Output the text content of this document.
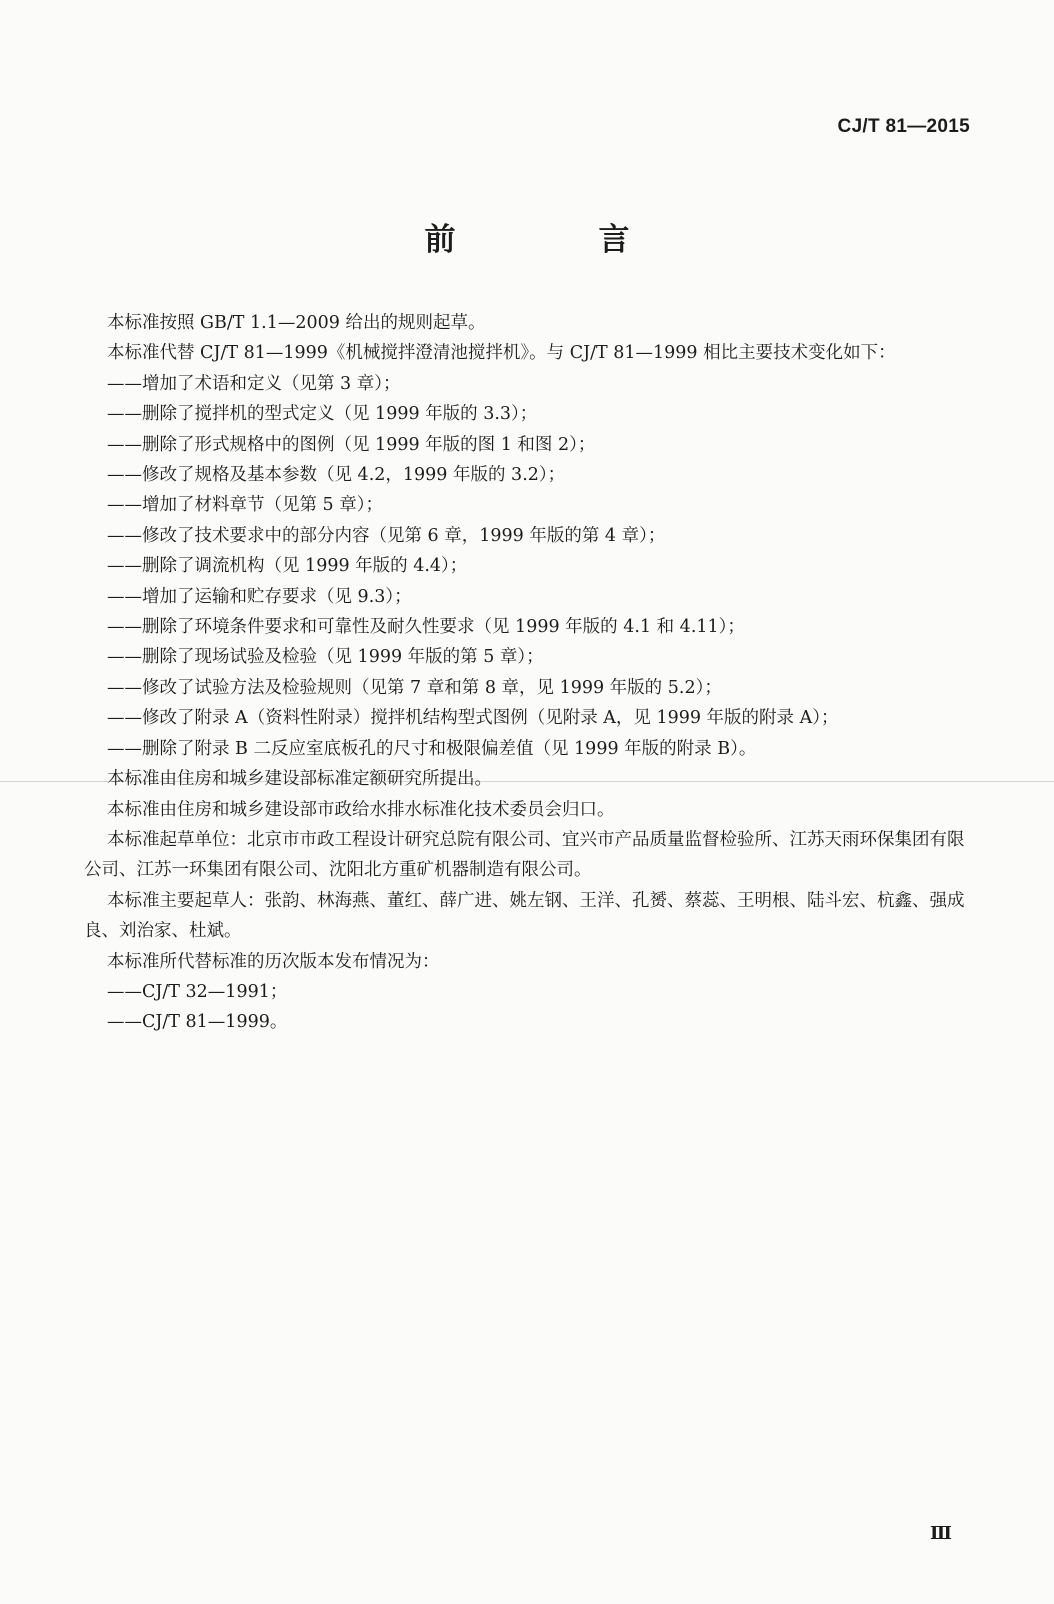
CJ/T 81—2015
前　言

本标准按照 GB/T 1.1—2009 给出的规则起草。

本标准代替 CJ/T 81—1999《机械搅拌澄清池搅拌机》。与 CJ/T 81—1999 相比主要技术变化如下：

——增加了术语和定义（见第 3 章）；

——删除了搅拌机的型式定义（见 1999 年版的 3.3）；

——删除了形式规格中的图例（见 1999 年版的图 1 和图 2）；

——修改了规格及基本参数（见 4.2，1999 年版的 3.2）；

——增加了材料章节（见第 5 章）；

——修改了技术要求中的部分内容（见第 6 章，1999 年版的第 4 章）；

——删除了调流机构（见 1999 年版的 4.4）；

——增加了运输和贮存要求（见 9.3）；

——删除了环境条件要求和可靠性及耐久性要求（见 1999 年版的 4.1 和 4.11）；

——删除了现场试验及检验（见 1999 年版的第 5 章）；

——修改了试验方法及检验规则（见第 7 章和第 8 章，见 1999 年版的 5.2）；

——修改了附录 A（资料性附录）搅拌机结构型式图例（见附录 A，见 1999 年版的附录 A）；

——删除了附录 B 二反应室底板孔的尺寸和极限偏差值（见 1999 年版的附录 B）。

本标准由住房和城乡建设部标准定额研究所提出。

本标准由住房和城乡建设部市政给水排水标准化技术委员会归口。

本标准起草单位：北京市市政工程设计研究总院有限公司、宜兴市产品质量监督检验所、江苏天雨环保集团有限公司、江苏一环集团有限公司、沈阳北方重矿机器制造有限公司。

本标准主要起草人：张韵、林海燕、董红、薛广进、姚左钢、王洋、孔赟、蔡蕊、王明根、陆斗宏、杭鑫、强成良、刘治家、杜斌。

本标准所代替标准的历次版本发布情况为：

——CJ/T 32—1991；

——CJ/T 81—1999。

Ⅲ
